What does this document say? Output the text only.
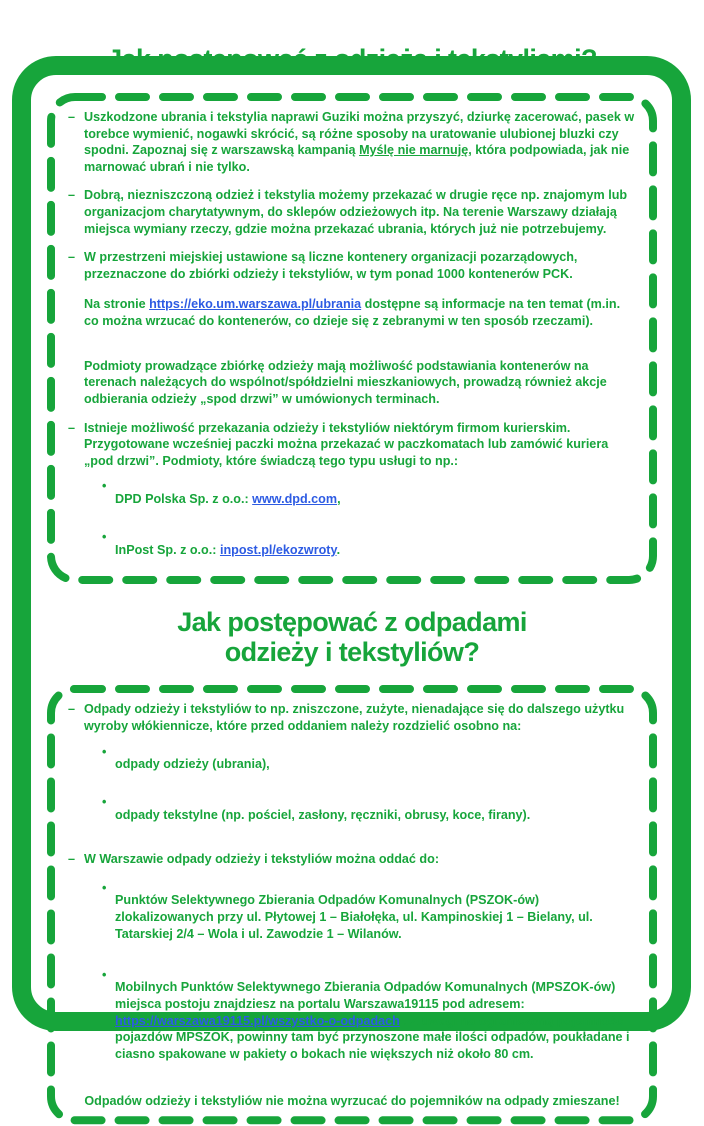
Jak postępować z odzieżą i tekstyliami?
– Uszkodzone ubrania i tekstylia naprawi Guziki można przyszyć, dziurkę zacerować, pasek w torebce wymienić, nogawki skrócić, są różne sposoby na uratowanie ulubionej bluzki czy spodni. Zapoznaj się z warszawską kampanią Myślę nie marnuję, która podpowiada, jak nie marnować ubrań i nie tylko.

– Dobrą, niezniszczoną odzież i tekstylia możemy przekazać w drugie ręce np. znajomym lub organizacjom charytatywnym, do sklepów odzieżowych itp. Na terenie Warszawy działają miejsca wymiany rzeczy, gdzie można przekazać ubrania, których już nie potrzebujemy.

– W przestrzeni miejskiej ustawione są liczne kontenery organizacji pozarządowych, przeznaczone do zbiórki odzieży i tekstyliów, w tym ponad 1000 kontenerów PCK.

Na stronie https://eko.um.warszawa.pl/ubrania dostępne są informacje na ten temat (m.in. co można wrzucać do kontenerów, co dzieje się z zebranymi w ten sposób rzeczami).
Podmioty prowadzące zbiórkę odzieży mają możliwość podstawiania kontenerów na terenach należących do wspólnot/spółdzielni mieszkaniowych, prowadzą również akcje odbierania odzieży „spod drzwi” w umówionych terminach.
– Istnieje możliwość przekazania odzieży i tekstyliów niektórym firmom kurierskim. Przygotowane wcześniej paczki można przekazać w paczkomatach lub zamówić kuriera „pod drzwi”. Podmioty, które świadczą tego typu usługi to np.:

•

DPD Polska Sp. z o.o.: www.dpd.com,

•

InPost Sp. z o.o.: inpost.pl/ekozwroty.

Jak postępować z odpadami
odzieży i tekstyliów?
– Odpady odzieży i tekstyliów to np. zniszczone, zużyte, nienadające się do dalszego użytku wyroby włókiennicze, które przed oddaniem należy rozdzielić osobno na:

•

odpady odzieży (ubrania),

•

odpady tekstylne (np. pościel, zasłony, ręczniki, obrusy, koce, firany).

– W Warszawie odpady odzieży i tekstyliów można oddać do:

•

Punktów Selektywnego Zbierania Odpadów Komunalnych (PSZOK-ów) zlokalizowanych przy ul. Płytowej 1 – Białołęka, ul. Kampinoskiej 1 – Bielany, ul. Tatarskiej 2/4 – Wola i ul. Zawodzie 1 – Wilanów.

•

Mobilnych Punktów Selektywnego Zbierania Odpadów Komunalnych (MPSZOK-ów) miejsca postoju znajdziesz na portalu Warszawa19115 pod adresem: https://warszawa19115.pl/wszystko-o-odpadach . Z uwagi na ograniczoną pojemność pojazdów MPSZOK, powinny tam być przynoszone małe ilości odpadów, poukładane i ciasno spakowane w pakiety o bokach nie większych niż około 80 cm.

Odpadów odzieży i tekstyliów nie można wyrzucać do pojemników na odpady zmieszane!
